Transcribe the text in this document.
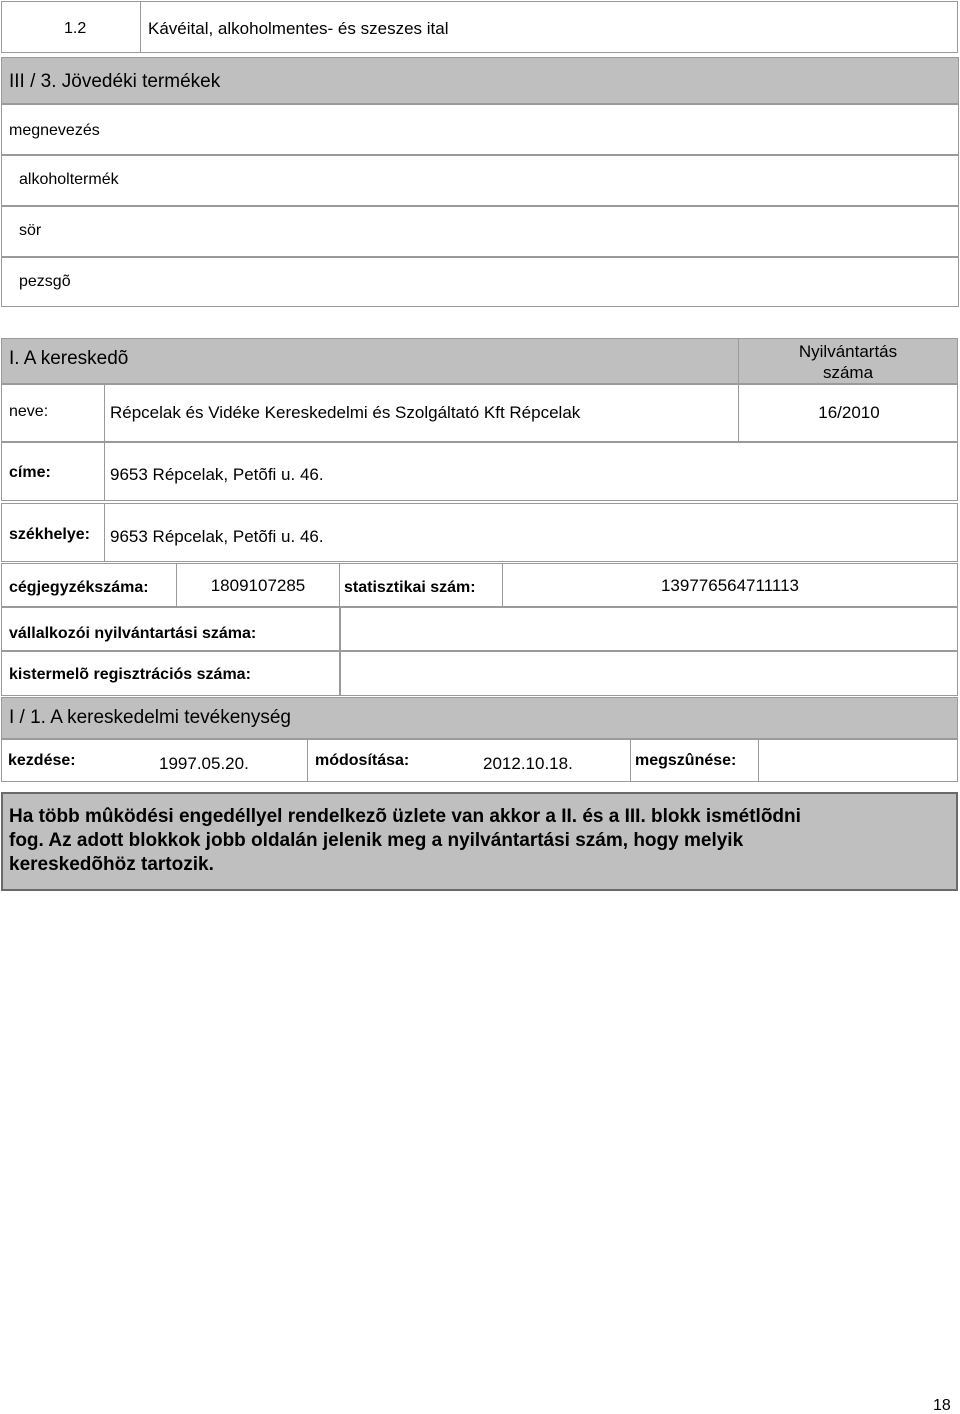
1.2	Kávéital, alkoholmentes- és szeszes ital
III / 3. Jövedéki termékek
megnevezés
alkoholtermék
sör
pezsgõ
I. A kereskedõ	Nyilvántartás
száma
neve:	Répcelak és Vidéke Kereskedelmi és Szolgáltató Kft Répcelak	16/2010
címe:	9653 Répcelak, Petõfi u. 46.
székhelye: 9653 Répcelak, Petõfi u. 46.
cégjegyzékszáma:	1809107285	statisztikai szám:	139776564711113
vállalkozói nyilvántartási száma:
kistermelõ regisztrációs száma:
I / 1. A kereskedelmi tevékenység
kezdése:	1997.05.20.	módosítása:	2012.10.18.	megszûnése:
Ha több mûködési engedéllyel rendelkezõ üzlete van akkor a II. és a III. blokk ismétlõdni
fog. Az adott blokkok jobb oldalán jelenik meg a nyilvántartási szám, hogy melyik
kereskedõhöz tartozik.
18
